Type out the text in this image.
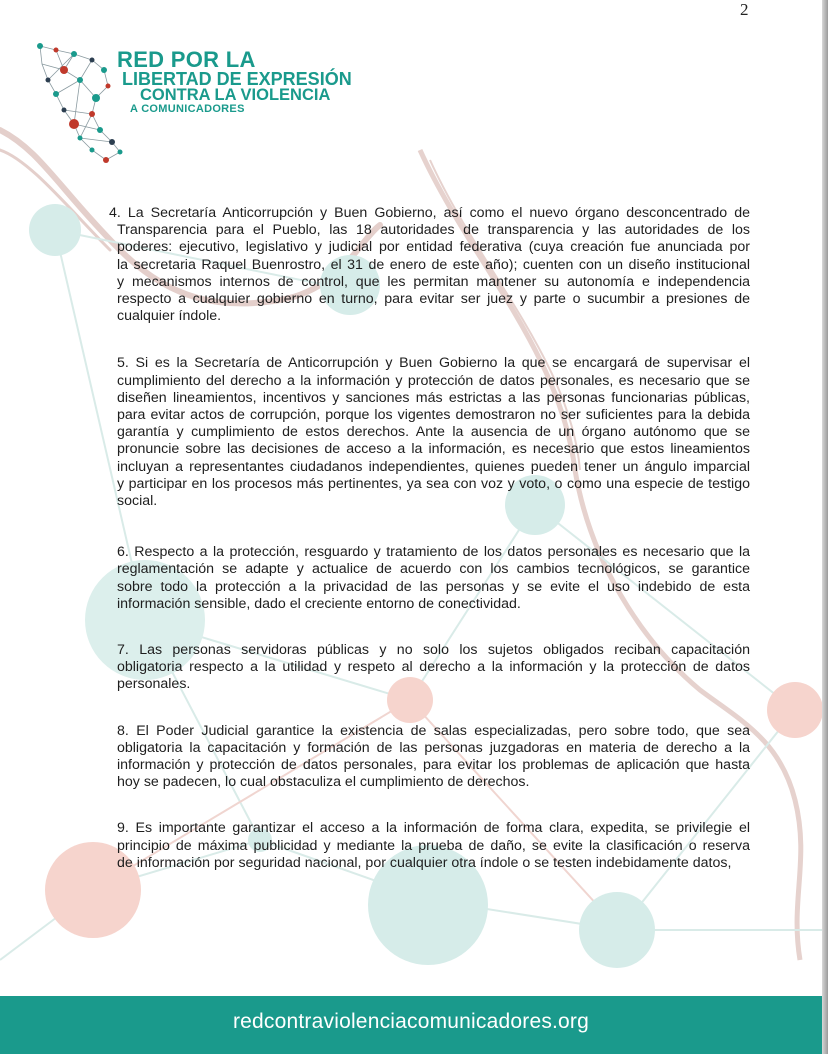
2
RED POR LA
LIBERTAD DE EXPRESIÓN
CONTRA LA VIOLENCIA
A COMUNICADORES
4. La Secretaría Anticorrupción y Buen Gobierno, así como el nuevo órgano desconcentrado de
Transparencia para el Pueblo, las 18 autoridades de transparencia y las autoridades de los
poderes: ejecutivo, legislativo y judicial por entidad federativa (cuya creación fue anunciada por
la secretaria Raquel Buenrostro, el 31 de enero de este año); cuenten con un diseño institucional
y mecanismos internos de control, que les permitan mantener su autonomía e independencia
respecto a cualquier gobierno en turno, para evitar ser juez y parte o sucumbir a presiones de
cualquier índole.
5. Si es la Secretaría de Anticorrupción y Buen Gobierno la que se encargará de supervisar el
cumplimiento del derecho a la información y protección de datos personales, es necesario que se
diseñen lineamientos, incentivos y sanciones más estrictas a las personas funcionarias públicas,
para evitar actos de corrupción, porque los vigentes demostraron no ser suficientes para la debida
garantía y cumplimiento de estos derechos. Ante la ausencia de un órgano autónomo que se
pronuncie sobre las decisiones de acceso a la información, es necesario que estos lineamientos
incluyan a representantes ciudadanos independientes, quienes pueden tener un ángulo imparcial
y participar en los procesos más pertinentes, ya sea con voz y voto, o como una especie de testigo
social.
6. Respecto a la protección, resguardo y tratamiento de los datos personales es necesario que la
reglamentación se adapte y actualice de acuerdo con los cambios tecnológicos, se garantice
sobre todo la protección a la privacidad de las personas y se evite el uso indebido de esta
información sensible, dado el creciente entorno de conectividad.
7. Las personas servidoras públicas y no solo los sujetos obligados reciban capacitación
obligatoria respecto a la utilidad y respeto al derecho a la información y la protección de datos
personales.
8. El Poder Judicial garantice la existencia de salas especializadas, pero sobre todo, que sea
obligatoria la capacitación y formación de las personas juzgadoras en materia de derecho a la
información y protección de datos personales, para evitar los problemas de aplicación que hasta
hoy se padecen, lo cual obstaculiza el cumplimiento de derechos.
9. Es importante garantizar el acceso a la información de forma clara, expedita, se privilegie el
principio de máxima publicidad y mediante la prueba de daño, se evite la clasificación o reserva
de información por seguridad nacional, por cualquier otra índole o se testen indebidamente datos,
redcontraviolenciacomunicadores.org
